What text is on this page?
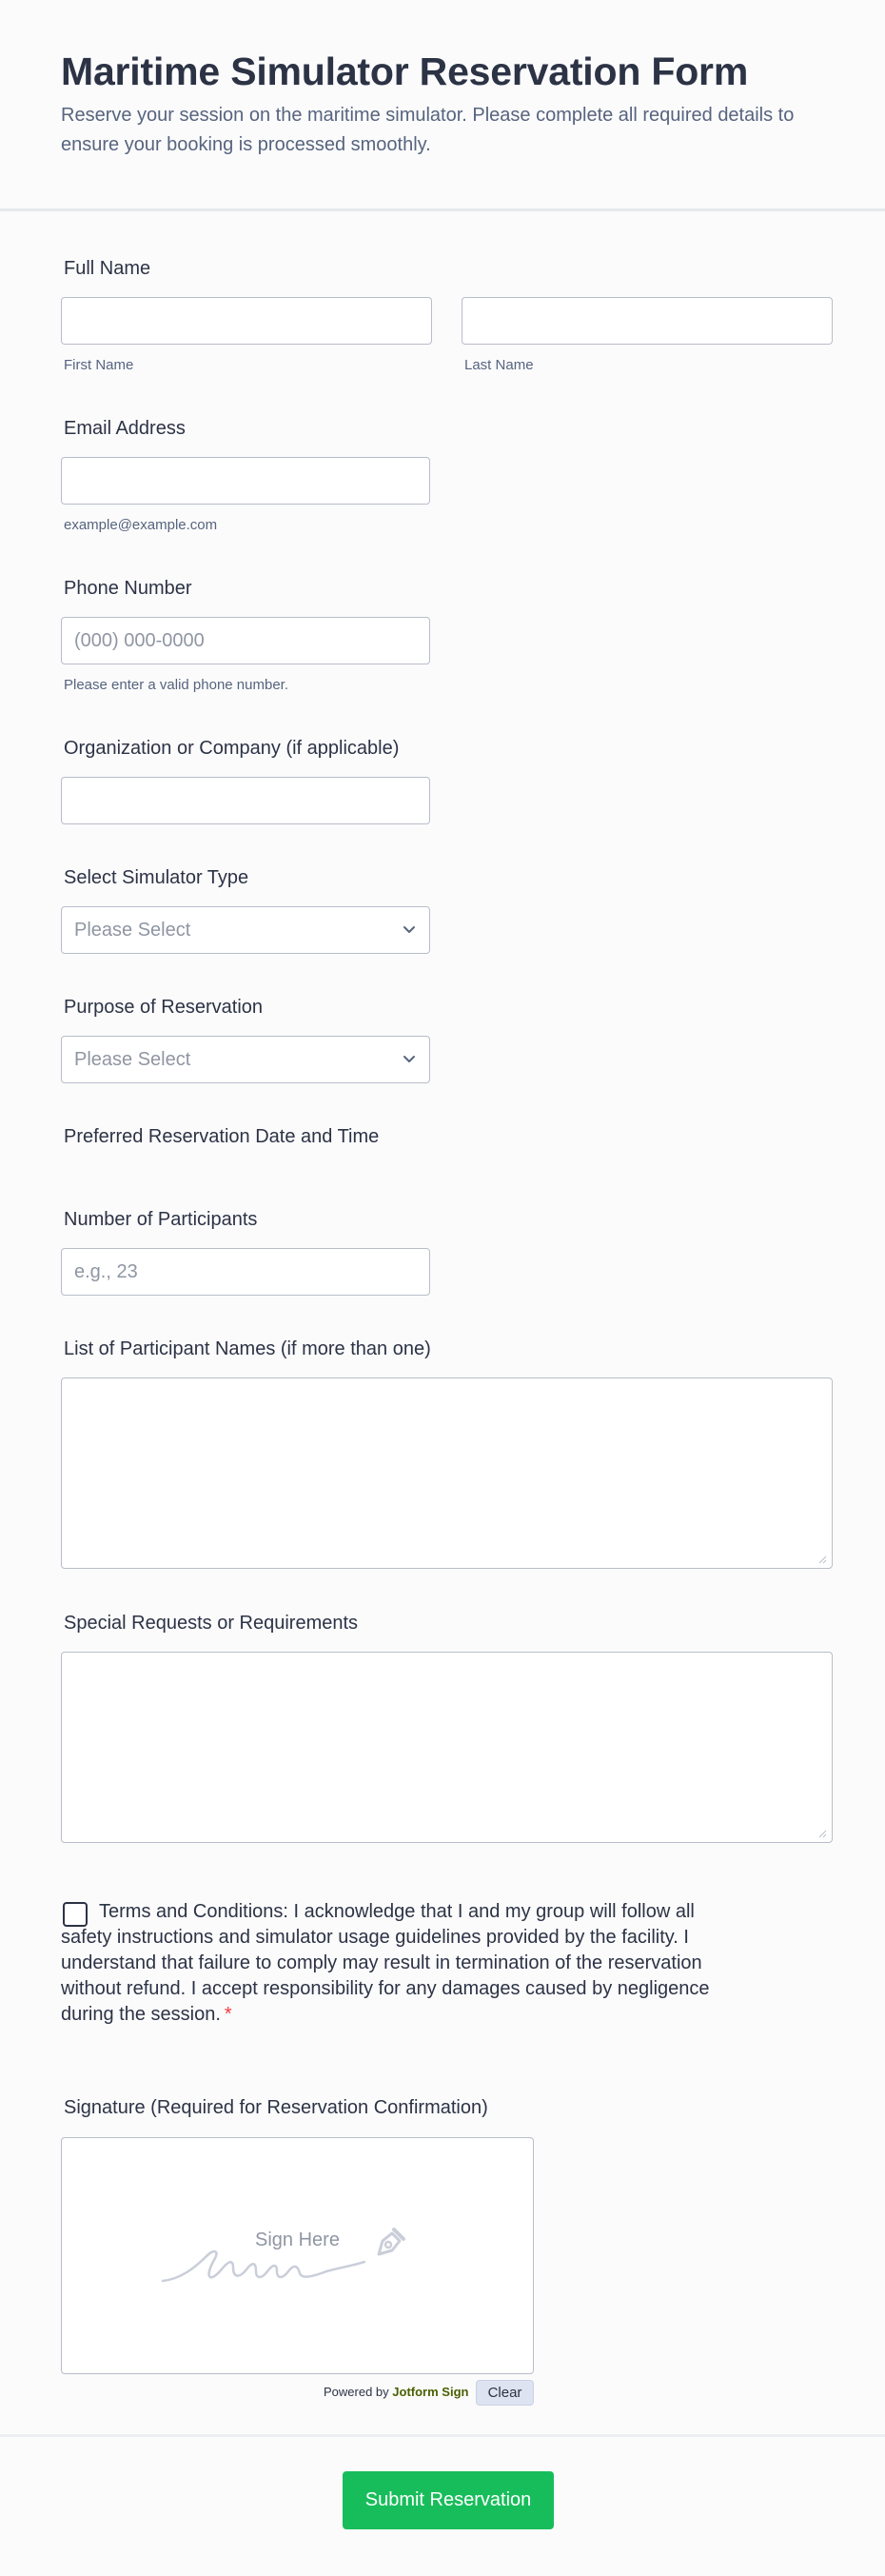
Maritime Simulator Reservation Form

Reserve your session on the maritime simulator. Please complete all required details to ensure your booking is processed smoothly.

Full Name
First Name	Last Name
Email Address
example@example.com
Phone Number
(000) 000-0000
Please enter a valid phone number.
Organization or Company (if applicable)
Select Simulator Type
Please Select
Purpose of Reservation
Please Select
Preferred Reservation Date and Time
Number of Participants
e.g., 23
List of Participant Names (if more than one)
Special Requests or Requirements
Terms and Conditions: I acknowledge that I and my group will follow all safety instructions and simulator usage guidelines provided by the facility. I understand that failure to comply may result in termination of the reservation without refund. I accept responsibility for any damages caused by negligence during the session. *
Signature (Required for Reservation Confirmation)
Sign Here
Powered by Jotform Sign	Clear
Submit Reservation
